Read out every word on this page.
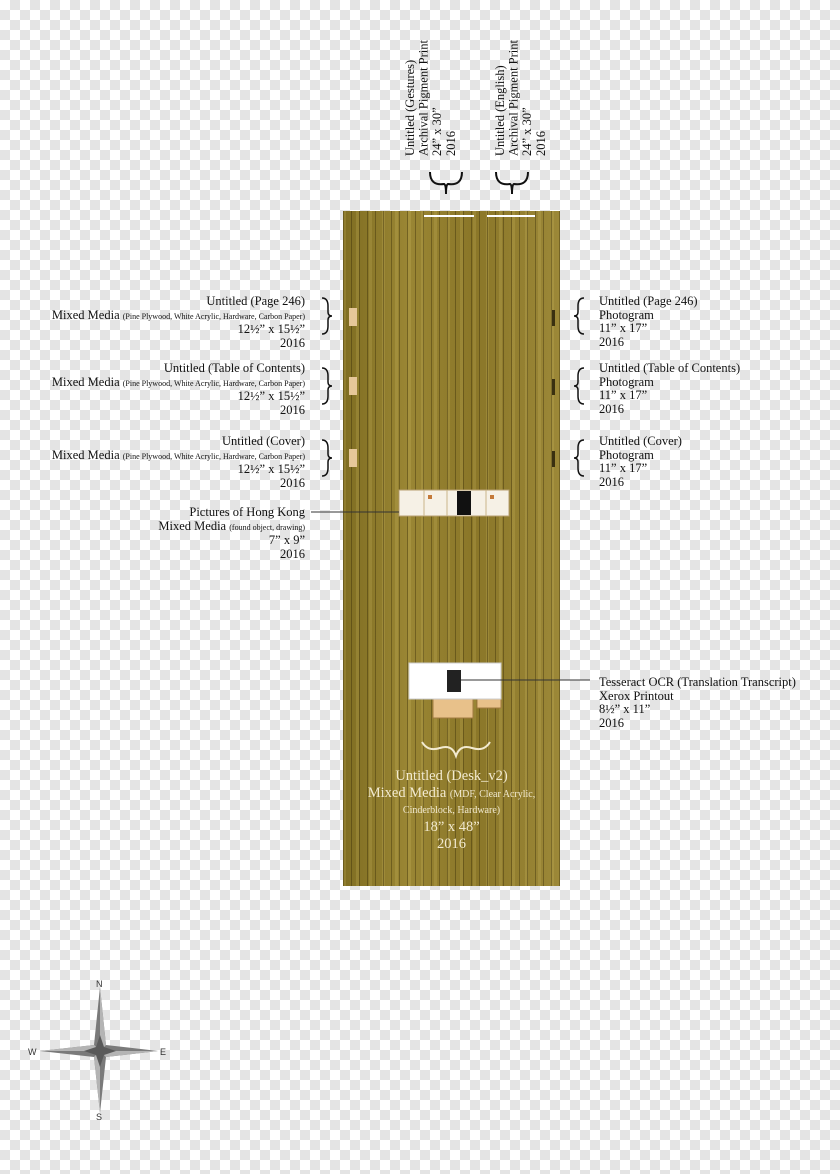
Untitled (Gestures) Archival Pigment Print 24” x 30” 2016	Untitled (English) Archival Pigment Print 24” x 30” 2016
Untitled (Page 246)
Mixed Media (Pine Plywood, White Acrylic, Hardware, Carbon Paper)
12½” x 15½”
2016
Untitled (Table of Contents)
Mixed Media (Pine Plywood, White Acrylic, Hardware, Carbon Paper)
12½” x 15½”
2016
Untitled (Cover)
Mixed Media (Pine Plywood, White Acrylic, Hardware, Carbon Paper)
12½” x 15½”
2016
Untitled (Page 246)
Photogram
11” x 17”
2016
Untitled (Table of Contents)
Photogram
11” x 17”
2016
Untitled (Cover)
Photogram
11” x 17”
2016
Pictures of Hong Kong
Mixed Media (found object, drawing)
7” x 9”
2016
Tesseract OCR (Translation Transcript)
Xerox Printout
8½” x 11”
2016
Untitled (Desk_v2)
Mixed Media (MDF, Clear Acrylic,
Cinderblock, Hardware)
18” x 48”
2016
N
S
E
W
